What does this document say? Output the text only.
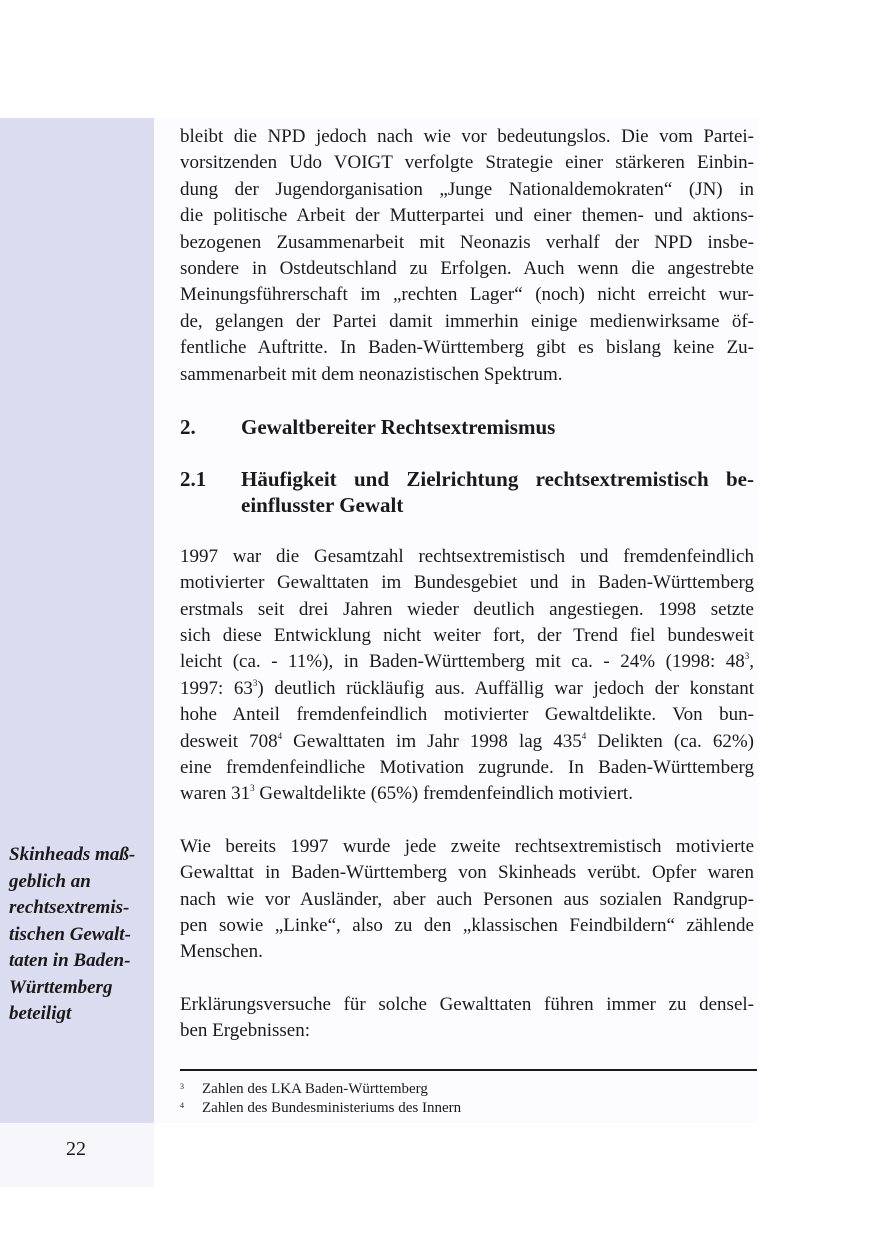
Skinheads maß-
geblich an
rechtsextremis-
tischen Gewalt-
taten in Baden-
Württemberg
beteiligt
bleibt die NPD jedoch nach wie vor bedeutungslos. Die vom Partei-
vorsitzenden Udo VOIGT verfolgte Strategie einer stärkeren Einbin-
dung der Jugendorganisation „Junge Nationaldemokraten“ (JN) in
die politische Arbeit der Mutterpartei und einer themen- und aktions-
bezogenen Zusammenarbeit mit Neonazis verhalf der NPD insbe-
sondere in Ostdeutschland zu Erfolgen. Auch wenn die angestrebte
Meinungsführerschaft im „rechten Lager“ (noch) nicht erreicht wur-
de, gelangen der Partei damit immerhin einige medienwirksame öf-
fentliche Auftritte. In Baden-Württemberg gibt es bislang keine Zu-
sammenarbeit mit dem neonazistischen Spektrum.
2.	Gewaltbereiter Rechtsextremismus
2.1	Häufigkeit und Zielrichtung rechtsextremistisch be-
einflusster Gewalt
1997 war die Gesamtzahl rechtsextremistisch und fremdenfeindlich
motivierter Gewalttaten im Bundesgebiet und in Baden-Württemberg
erstmals seit drei Jahren wieder deutlich angestiegen. 1998 setzte
sich diese Entwicklung nicht weiter fort, der Trend fiel bundesweit
leicht (ca. - 11%), in Baden-Württemberg mit ca. - 24% (1998: $48^3$,
1997: $63^3$) deutlich rückläufig aus. Auffällig war jedoch der konstant
hohe Anteil fremdenfeindlich motivierter Gewaltdelikte. Von bun-
desweit $708^4$ Gewalttaten im Jahr 1998 lag $435^4$ Delikten (ca. 62%)
eine fremdenfeindliche Motivation zugrunde. In Baden-Württemberg
waren $31^3$ Gewaltdelikte (65%) fremdenfeindlich motiviert.
Wie bereits 1997 wurde jede zweite rechtsextremistisch motivierte
Gewalttat in Baden-Württemberg von Skinheads verübt. Opfer waren
nach wie vor Ausländer, aber auch Personen aus sozialen Randgrup-
pen sowie „Linke“, also zu den „klassischen Feindbildern“ zählende
Menschen.
Erklärungsversuche für solche Gewalttaten führen immer zu densel-
ben Ergebnissen:
3	Zahlen des LKA Baden-Württemberg
4	Zahlen des Bundesministeriums des Innern
22
